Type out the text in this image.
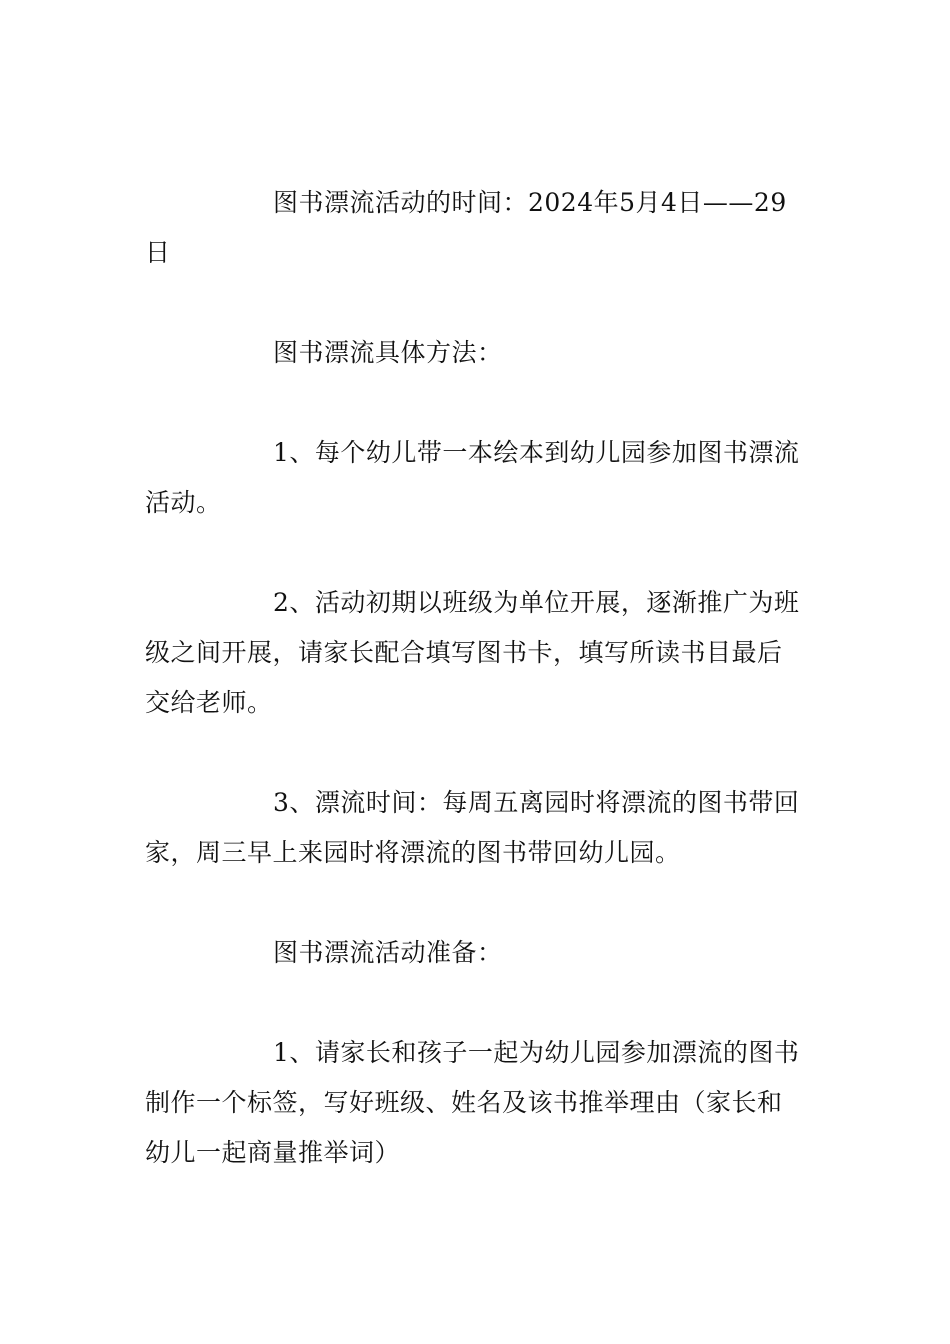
图书漂流活动的时间：2024年5月4日——29日

图书漂流具体方法：

1、每个幼儿带一本绘本到幼儿园参加图书漂流活动。

2、活动初期以班级为单位开展，逐渐推广为班级之间开展，请家长配合填写图书卡，填写所读书目最后交给老师。

3、漂流时间：每周五离园时将漂流的图书带回家，周三早上来园时将漂流的图书带回幼儿园。

图书漂流活动准备：

1、请家长和孩子一起为幼儿园参加漂流的图书制作一个标签，写好班级、姓名及该书推举理由（家长和幼儿一起商量推举词）
